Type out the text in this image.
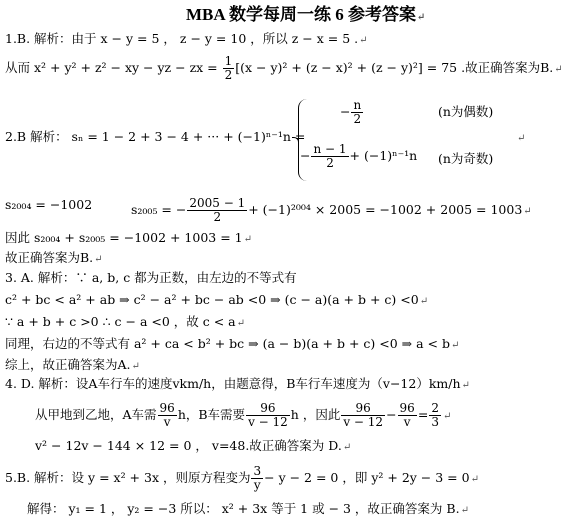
MBA 数学每周一练 6 参考答案↵
1.B. 解析：由于 x − y = 5 ， z − y = 10 ，所以 z − x = 5 .↵
从而 x² + y² + z² − xy − yz − zx = $\frac{1}{2} [(x - y)^2 + (z - x)^2 + (z - y)^2] = 75$ .故正确答案为B.↵
2.B 解析： sₙ = 1 − 2 + 3 − 4 + ··· + (−1)ⁿ⁻¹n =
− $\frac{n}{2}$	(n为偶数)
− $\frac{n - 1}{2} + (-1)^{n-1}n$ (n为奇数)
↵
s₂₀₀₄ = −1002	s₂₀₀₅ = − $\frac{2005 - 1}{2} + (-1)^{2004} \times 2005 = -1002 + 2005$ = 1003↵
因此 s₂₀₀₄ + s₂₀₀₅ = −1002 + 1003 = 1↵
故正确答案为B.↵
3. A. 解析：∵ a, b, c 都为正数，由左边的不等式有
c² + bc < a² + ab ⇒ c² − a² + bc − ab <0 ⇒ (c − a)(a + b + c) <0↵
∵ a + b + c >0 ∴ c − a <0 ，故 c < a↵
同理，右边的不等式有 a² + ca < b² + bc ⇒ (a − b)(a + b + c) <0 ⇒ a < b↵
综上，故正确答案为A.↵
4. D. 解析：设A车行车的速度vkm/h，由题意得，B车行车速度为（v−12）km/h↵
从甲地到乙地，A车需 $\frac{96}{v}$ h，B车需要 $\frac{96}{v - 12}$ h ，因此 $\frac{96}{v - 12} - \frac{96}{v} = \frac{2}{3}$ ↵
v² − 12v − 144 × 12 = 0 ， v=48.故正确答案为 D.↵
5.B. 解析：设 y = x² + 3x ，则原方程变为 $\frac{3}{y} - y - 2 = 0$ ，即 y² + 2y − 3 = 0↵
解得： y₁ = 1 ， y₂ = −3 所以： x² + 3x 等于 1 或 − 3 ，故正确答案为 B.↵
